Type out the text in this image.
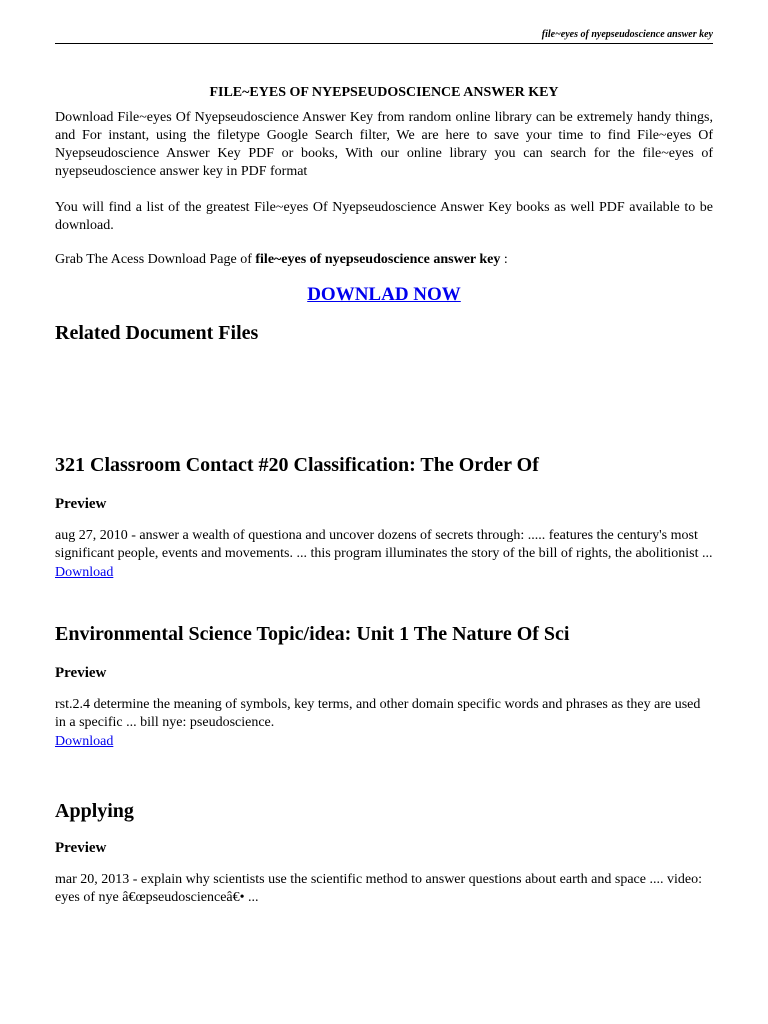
file~eyes of nyepseudoscience answer key
FILE~EYES OF NYEPSEUDOSCIENCE ANSWER KEY

Download File~eyes Of Nyepseudoscience Answer Key from random online library can be extremely handy things, and For instant, using the filetype Google Search filter, We are here to save your time to find File~eyes Of Nyepseudoscience Answer Key PDF or books, With our online library you can search for the file~eyes of nyepseudoscience answer key in PDF format

You will find a list of the greatest File~eyes Of Nyepseudoscience Answer Key books as well PDF available to be download.

Grab The Acess Download Page of file~eyes of nyepseudoscience answer key :

DOWNLAD NOW
Related Document Files
321 Classroom Contact #20 Classification: The Order Of
Preview

aug 27, 2010 - answer a wealth of questiona and uncover dozens of secrets through: ..... features the century's most significant people, events and movements. ... this program illuminates the story of the bill of rights, the abolitionist ...

Download
Environmental Science Topic/idea: Unit 1 The Nature Of Sci
Preview

rst.2.4 determine the meaning of symbols, key terms, and other domain specific words and phrases as they are used in a specific ... bill nye: pseudoscience.

Download
Applying
Preview

mar 20, 2013 - explain why scientists use the scientific method to answer questions about earth and space .... video: eyes of nye â€œpseudoscienceâ€• ...
